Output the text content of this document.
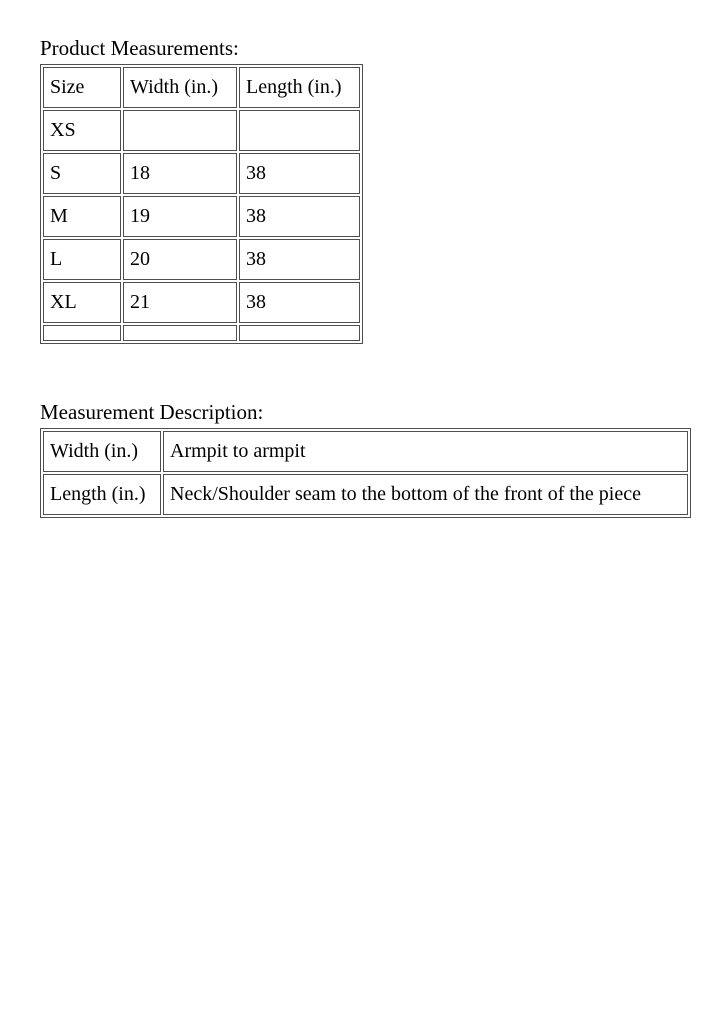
Product Measurements:

Size	Width (in.)	Length (in.)
XS		
S	18	38
M	19	38
L	20	38
XL	21	38

Measurement Description:

Width (in.)	Armpit to armpit
Length (in.)	Neck/Shoulder seam to the bottom of the front of the piece
